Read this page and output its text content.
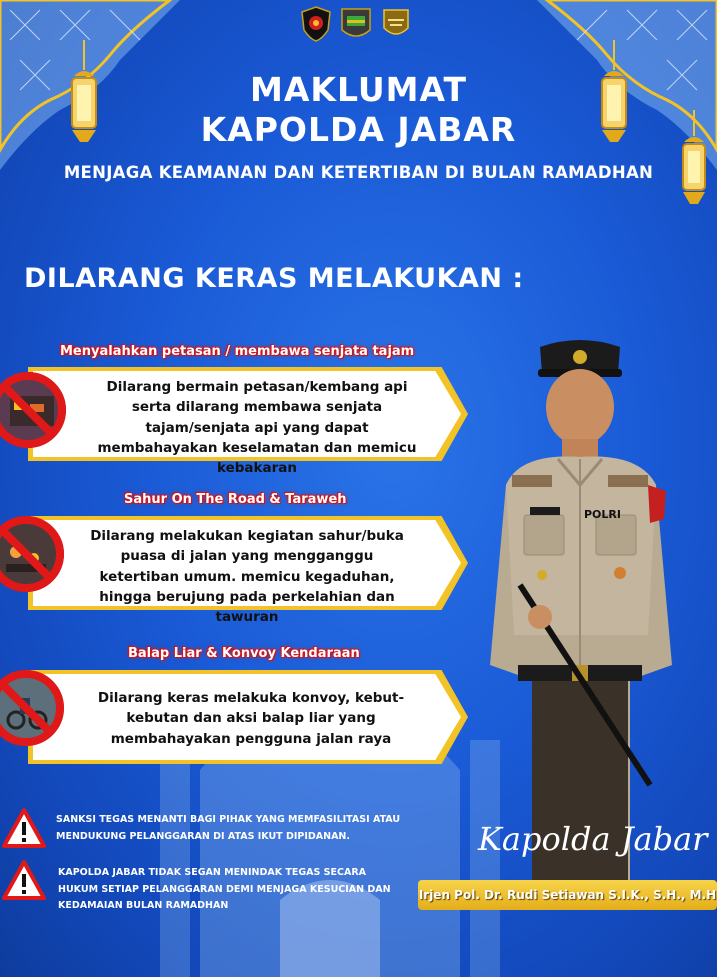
MAKLUMAT
KAPOLDA JABAR
MENJAGA KEAMANAN DAN KETERTIBAN DI BULAN RAMADHAN
DILARANG KERAS MELAKUKAN :
Menyalahkan petasan / membawa senjata tajam
Dilarang bermain petasan/kembang api serta dilarang membawa senjata tajam/senjata api yang dapat membahayakan keselamatan dan memicu kebakaran
Sahur On The Road & Taraweh
Dilarang melakukan kegiatan sahur/buka puasa di jalan yang mengganggu ketertiban umum. memicu kegaduhan, hingga berujung pada perkelahian dan tawuran
Balap Liar & Konvoy Kendaraan
Dilarang keras melakuka konvoy, kebut-kebutan dan aksi balap liar yang membahayakan pengguna jalan raya
SANKSI TEGAS MENANTI BAGI PIHAK YANG MEMFASILITASI ATAU MENDUKUNG PELANGGARAN DI ATAS IKUT DIPIDANAN.
KAPOLDA JABAR TIDAK SEGAN MENINDAK TEGAS SECARA HUKUM SETIAP PELANGGARAN DEMI MENJAGA KESUCIAN DAN KEDAMAIAN BULAN RAMADHAN
POLRI
Kapolda Jabar
Irjen Pol. Dr. Rudi Setiawan S.I.K., S.H., M.H
